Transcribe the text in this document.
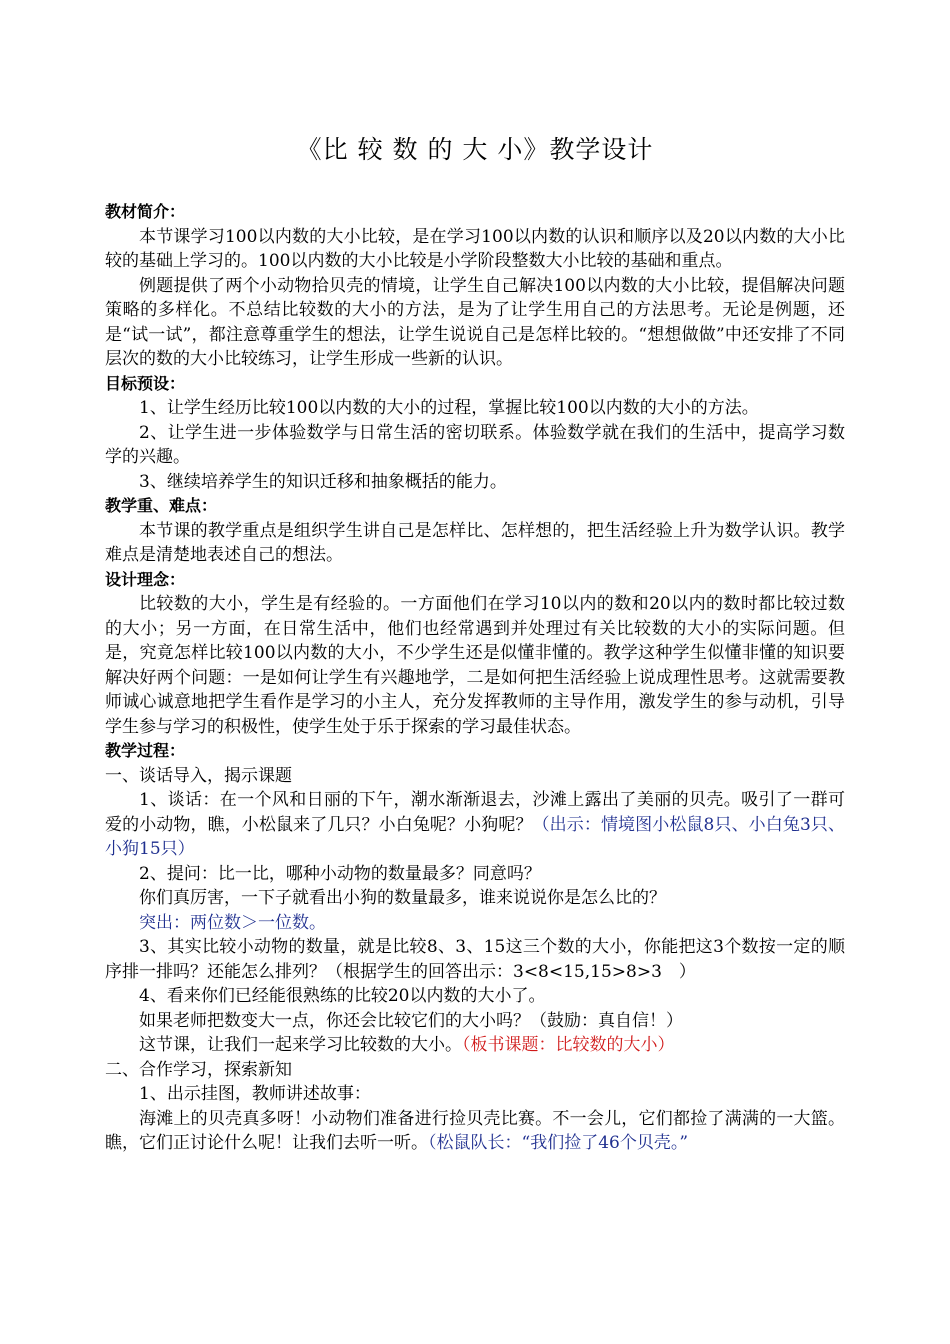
《比 较 数 的 大 小》教学设计

教材简介：

本节课学习100以内数的大小比较，是在学习100以内数的认识和顺序以及20以内数的大小比较的基础上学习的。100以内数的大小比较是小学阶段整数大小比较的基础和重点。

例题提供了两个小动物拾贝壳的情境，让学生自己解决100以内数的大小比较，提倡解决问题策略的多样化。不总结比较数的大小的方法，是为了让学生用自己的方法思考。无论是例题，还是“试一试”，都注意尊重学生的想法，让学生说说自己是怎样比较的。“想想做做”中还安排了不同层次的数的大小比较练习，让学生形成一些新的认识。

目标预设：

1、让学生经历比较100以内数的大小的过程，掌握比较100以内数的大小的方法。

2、让学生进一步体验数学与日常生活的密切联系。体验数学就在我们的生活中，提高学习数学的兴趣。

3、继续培养学生的知识迁移和抽象概括的能力。

教学重、难点：

本节课的教学重点是组织学生讲自己是怎样比、怎样想的，把生活经验上升为数学认识。教学难点是清楚地表述自己的想法。

设计理念：

比较数的大小，学生是有经验的。一方面他们在学习10以内的数和20以内的数时都比较过数的大小；另一方面，在日常生活中，他们也经常遇到并处理过有关比较数的大小的实际问题。但是，究竟怎样比较100以内数的大小，不少学生还是似懂非懂的。教学这种学生似懂非懂的知识要解决好两个问题：一是如何让学生有兴趣地学，二是如何把生活经验上说成理性思考。这就需要教师诚心诚意地把学生看作是学习的小主人，充分发挥教师的主导作用，激发学生的参与动机，引导学生参与学习的积极性，使学生处于乐于探索的学习最佳状态。

教学过程：

一、谈话导入，揭示课题

1、谈话：在一个风和日丽的下午，潮水渐渐退去，沙滩上露出了美丽的贝壳。吸引了一群可爱的小动物，瞧，小松鼠来了几只？小白兔呢？小狗呢？（出示：情境图小松鼠8只、小白兔3只、小狗15只）

2、提问：比一比，哪种小动物的数量最多？同意吗？

你们真厉害，一下子就看出小狗的数量最多，谁来说说你是怎么比的？

突出：两位数＞一位数。

3、其实比较小动物的数量，就是比较8、3、15这三个数的大小，你能把这3个数按一定的顺序排一排吗？还能怎么排列？（根据学生的回答出示：3<8<15,15>8>3　）

4、看来你们已经能很熟练的比较20以内数的大小了。

如果老师把数变大一点，你还会比较它们的大小吗？（鼓励：真自信！）

这节课，让我们一起来学习比较数的大小。（板书课题：比较数的大小）

二、合作学习，探索新知

1、出示挂图，教师讲述故事：

海滩上的贝壳真多呀！小动物们准备进行捡贝壳比赛。不一会儿，它们都捡了满满的一大篮。瞧，它们正讨论什么呢！让我们去听一听。（松鼠队长：“我们捡了46个贝壳。”
